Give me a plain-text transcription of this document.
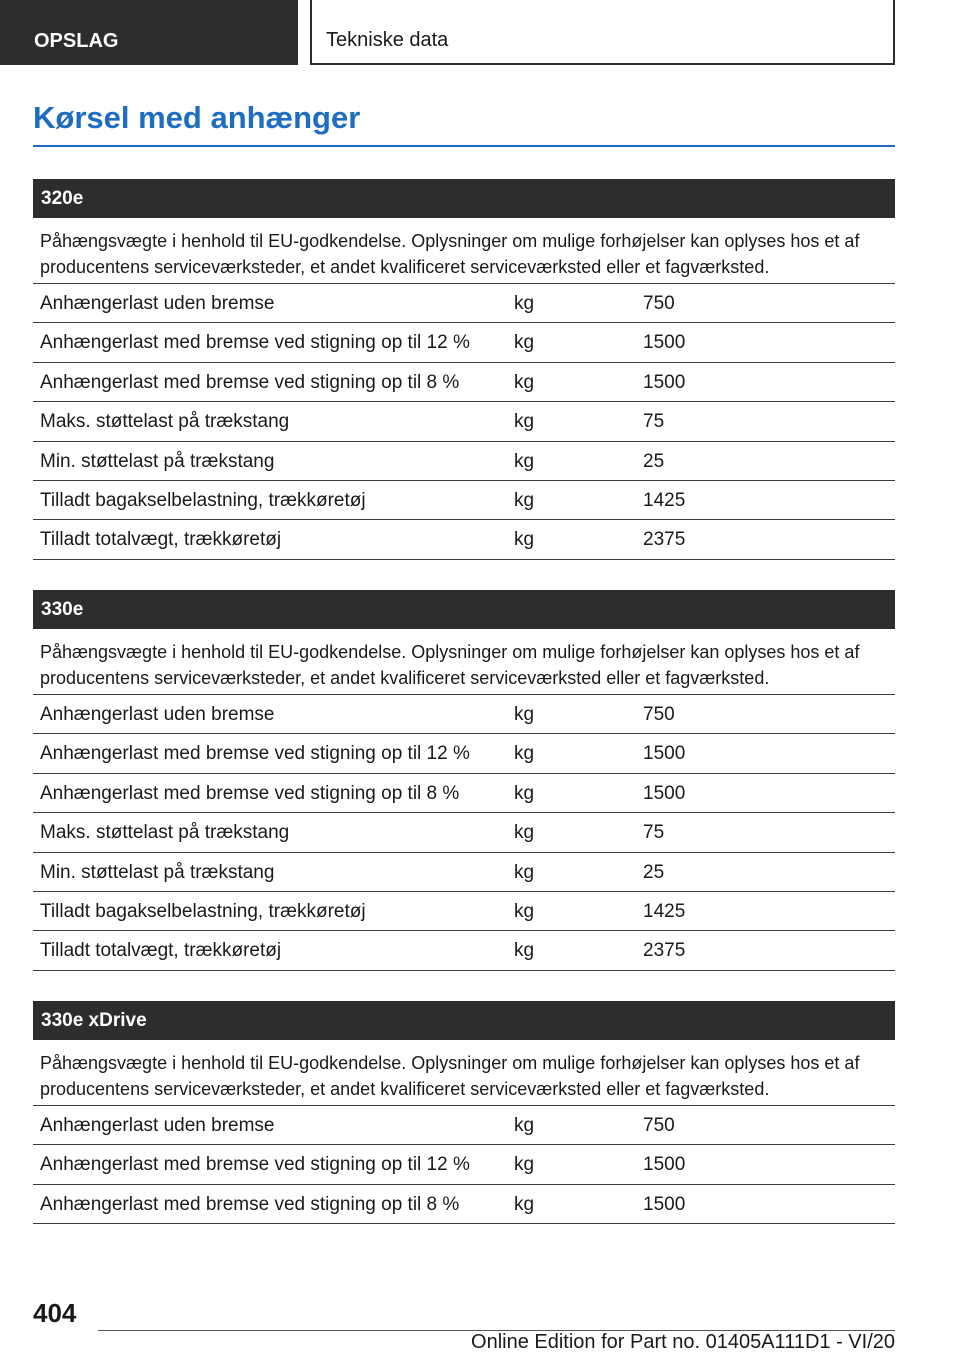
OPSLAG	Tekniske data
Kørsel med anhænger
320e
Påhængsvægte i henhold til EU-godkendelse. Oplysninger om mulige forhøjelser kan oplyses hos et af producentens serviceværksteder, et andet kvalificeret serviceværksted eller et fagværksted.
Anhængerlast uden bremse	kg	750
Anhængerlast med bremse ved stigning op til 12 %	kg	1500
Anhængerlast med bremse ved stigning op til 8 %	kg	1500
Maks. støttelast på trækstang	kg	75
Min. støttelast på trækstang	kg	25
Tilladt bagakselbelastning, trækkøretøj	kg	1425
Tilladt totalvægt, trækkøretøj	kg	2375
330e
Påhængsvægte i henhold til EU-godkendelse. Oplysninger om mulige forhøjelser kan oplyses hos et af producentens serviceværksteder, et andet kvalificeret serviceværksted eller et fagværksted.
Anhængerlast uden bremse	kg	750
Anhængerlast med bremse ved stigning op til 12 %	kg	1500
Anhængerlast med bremse ved stigning op til 8 %	kg	1500
Maks. støttelast på trækstang	kg	75
Min. støttelast på trækstang	kg	25
Tilladt bagakselbelastning, trækkøretøj	kg	1425
Tilladt totalvægt, trækkøretøj	kg	2375
330e xDrive
Påhængsvægte i henhold til EU-godkendelse. Oplysninger om mulige forhøjelser kan oplyses hos et af producentens serviceværksteder, et andet kvalificeret serviceværksted eller et fagværksted.
Anhængerlast uden bremse	kg	750
Anhængerlast med bremse ved stigning op til 12 %	kg	1500
Anhængerlast med bremse ved stigning op til 8 %	kg	1500
404
Online Edition for Part no. 01405A111D1 - VI/20
